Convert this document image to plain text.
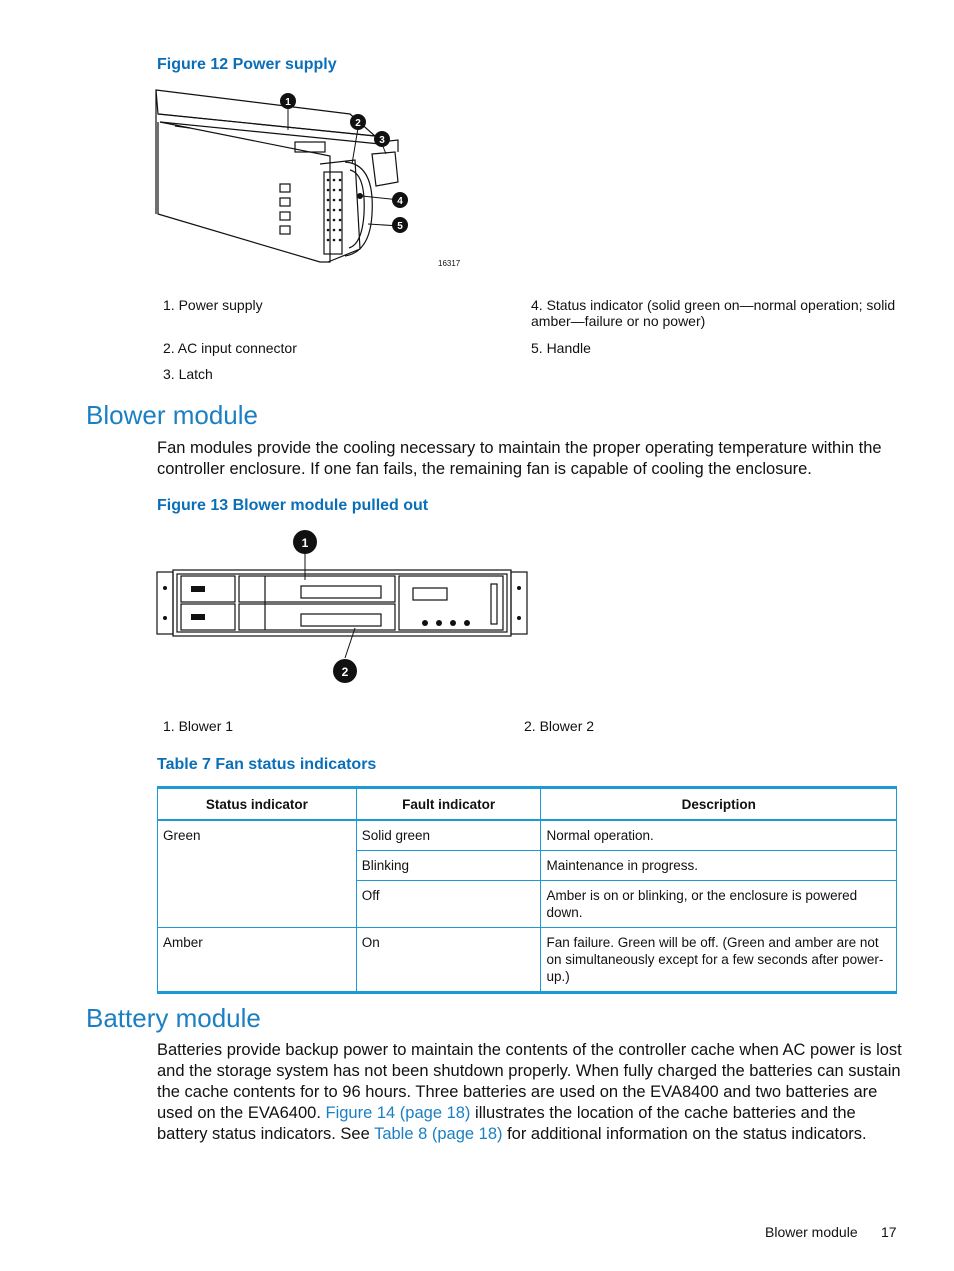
Figure 12 Power supply
1
2
3
4
5
16317
1. Power supply
2. AC input connector
3. Latch
4. Status indicator (solid green on—normal operation; solid amber—failure or no power)
5. Handle
Blower module
Fan modules provide the cooling necessary to maintain the proper operating temperature within the controller enclosure. If one fan fails, the remaining fan is capable of cooling the enclosure.
Figure 13 Blower module pulled out
1
2
1. Blower 1	2. Blower 2
Table 7 Fan status indicators
Status indicator	Fault indicator	Description
Green	Solid green	Normal operation.
	Blinking	Maintenance in progress.
	Off	Amber is on or blinking, or the enclosure is powered down.
Amber	On	Fan failure. Green will be off. (Green and amber are not on simultaneously except for a few seconds after power-up.)
Battery module
Batteries provide backup power to maintain the contents of the controller cache when AC power is lost and the storage system has not been shutdown properly. When fully charged the batteries can sustain the cache contents for to 96 hours. Three batteries are used on the EVA8400 and two batteries are used on the EVA6400. Figure 14 (page 18) illustrates the location of the cache batteries and the battery status indicators. See Table 8 (page 18) for additional information on the status indicators.
Blower module 17
